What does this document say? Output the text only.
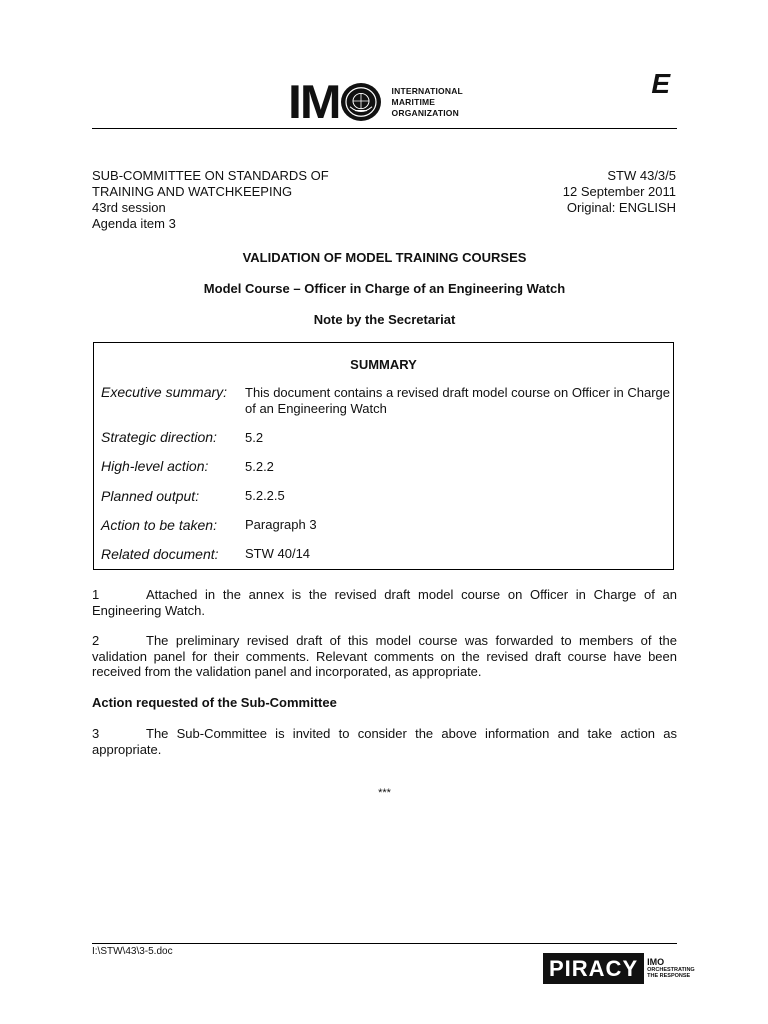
IM	INTERNATIONAL
MARITIME
ORGANIZATION
E
SUB-COMMITTEE ON STANDARDS OF
TRAINING AND WATCHKEEPING
43rd session
Agenda item 3
STW 43/3/5
12 September 2011
Original: ENGLISH
VALIDATION OF MODEL TRAINING COURSES
Model Course – Officer in Charge of an Engineering Watch
Note by the Secretariat
SUMMARY
Executive summary: This document contains a revised draft model course on Officer in Charge of an Engineering Watch
Strategic direction: 5.2
High-level action:	5.2.2
Planned output:	5.2.2.5
Action to be taken: Paragraph 3
Related document: STW 40/14
1	Attached in the annex is the revised draft model course on Officer in Charge of an Engineering Watch.
2	The preliminary revised draft of this model course was forwarded to members of the validation panel for their comments. Relevant comments on the revised draft course have been received from the validation panel and incorporated, as appropriate.
Action requested of the Sub-Committee
3	The Sub-Committee is invited to consider the above information and take action as appropriate.
***
I:\STW\43\3-5.doc
PIRACY	IMO
ORCHESTRATING
THE RESPONSE
